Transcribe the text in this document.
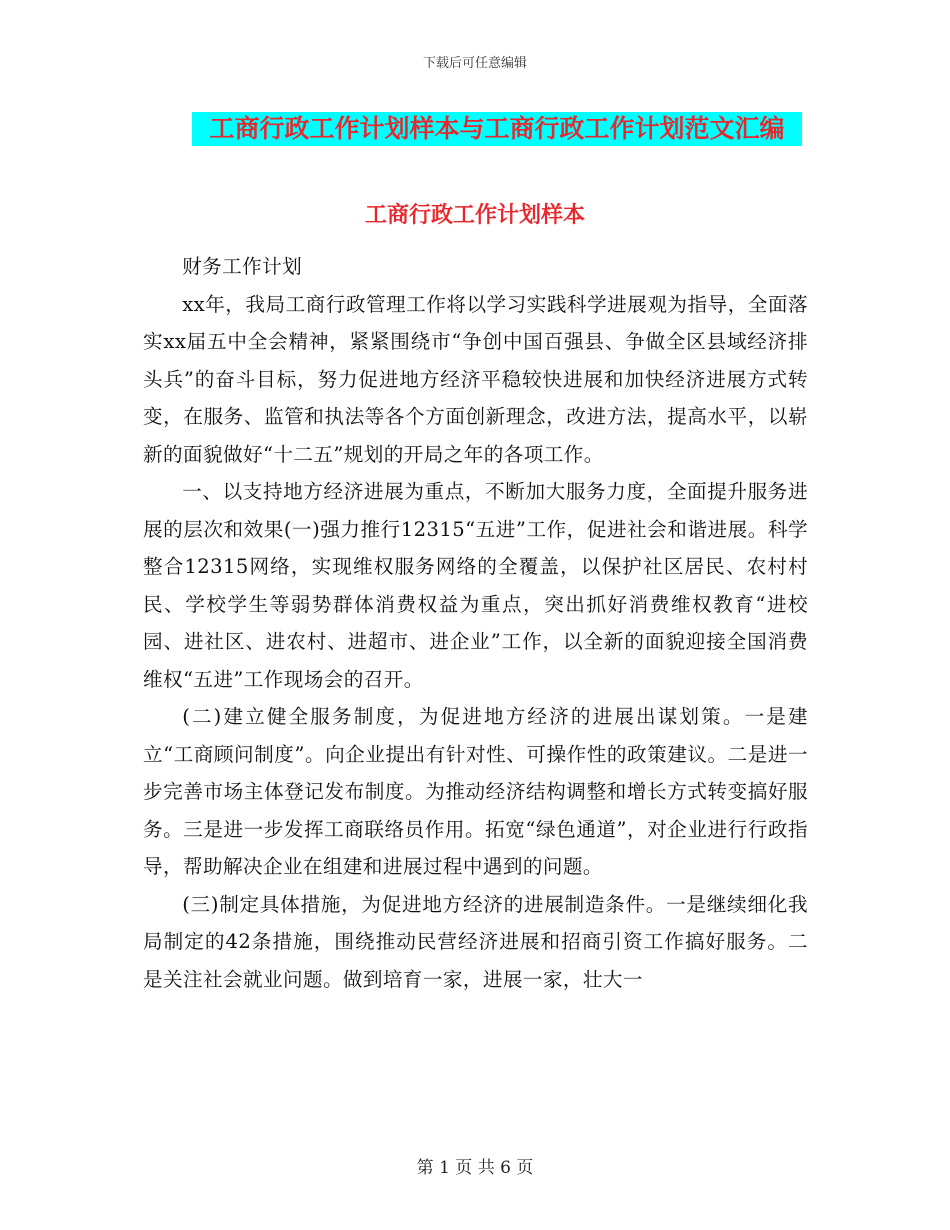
下载后可任意编辑
工商行政工作计划样本与工商行政工作计划范文汇编
工商行政工作计划样本

财务工作计划

xx年，我局工商行政管理工作将以学习实践科学进展观为指导，全面落实xx届五中全会精神，紧紧围绕市“争创中国百强县、争做全区县域经济排头兵”的奋斗目标，努力促进地方经济平稳较快进展和加快经济进展方式转变，在服务、监管和执法等各个方面创新理念，改进方法，提高水平，以崭新的面貌做好“十二五”规划的开局之年的各项工作。

一、以支持地方经济进展为重点，不断加大服务力度，全面提升服务进展的层次和效果(一)强力推行12315“五进”工作，促进社会和谐进展。科学整合12315网络，实现维权服务网络的全覆盖，以保护社区居民、农村村民、学校学生等弱势群体消费权益为重点，突出抓好消费维权教育“进校园、进社区、进农村、进超市、进企业”工作，以全新的面貌迎接全国消费维权“五进”工作现场会的召开。

(二)建立健全服务制度，为促进地方经济的进展出谋划策。一是建立“工商顾问制度”。向企业提出有针对性、可操作性的政策建议。二是进一步完善市场主体登记发布制度。为推动经济结构调整和增长方式转变搞好服务。三是进一步发挥工商联络员作用。拓宽“绿色通道”，对企业进行行政指导，帮助解决企业在组建和进展过程中遇到的问题。

(三)制定具体措施，为促进地方经济的进展制造条件。一是继续细化我局制定的42条措施，围绕推动民营经济进展和招商引资工作搞好服务。二是关注社会就业问题。做到培育一家，进展一家，壮大一

第 1 页 共 6 页
